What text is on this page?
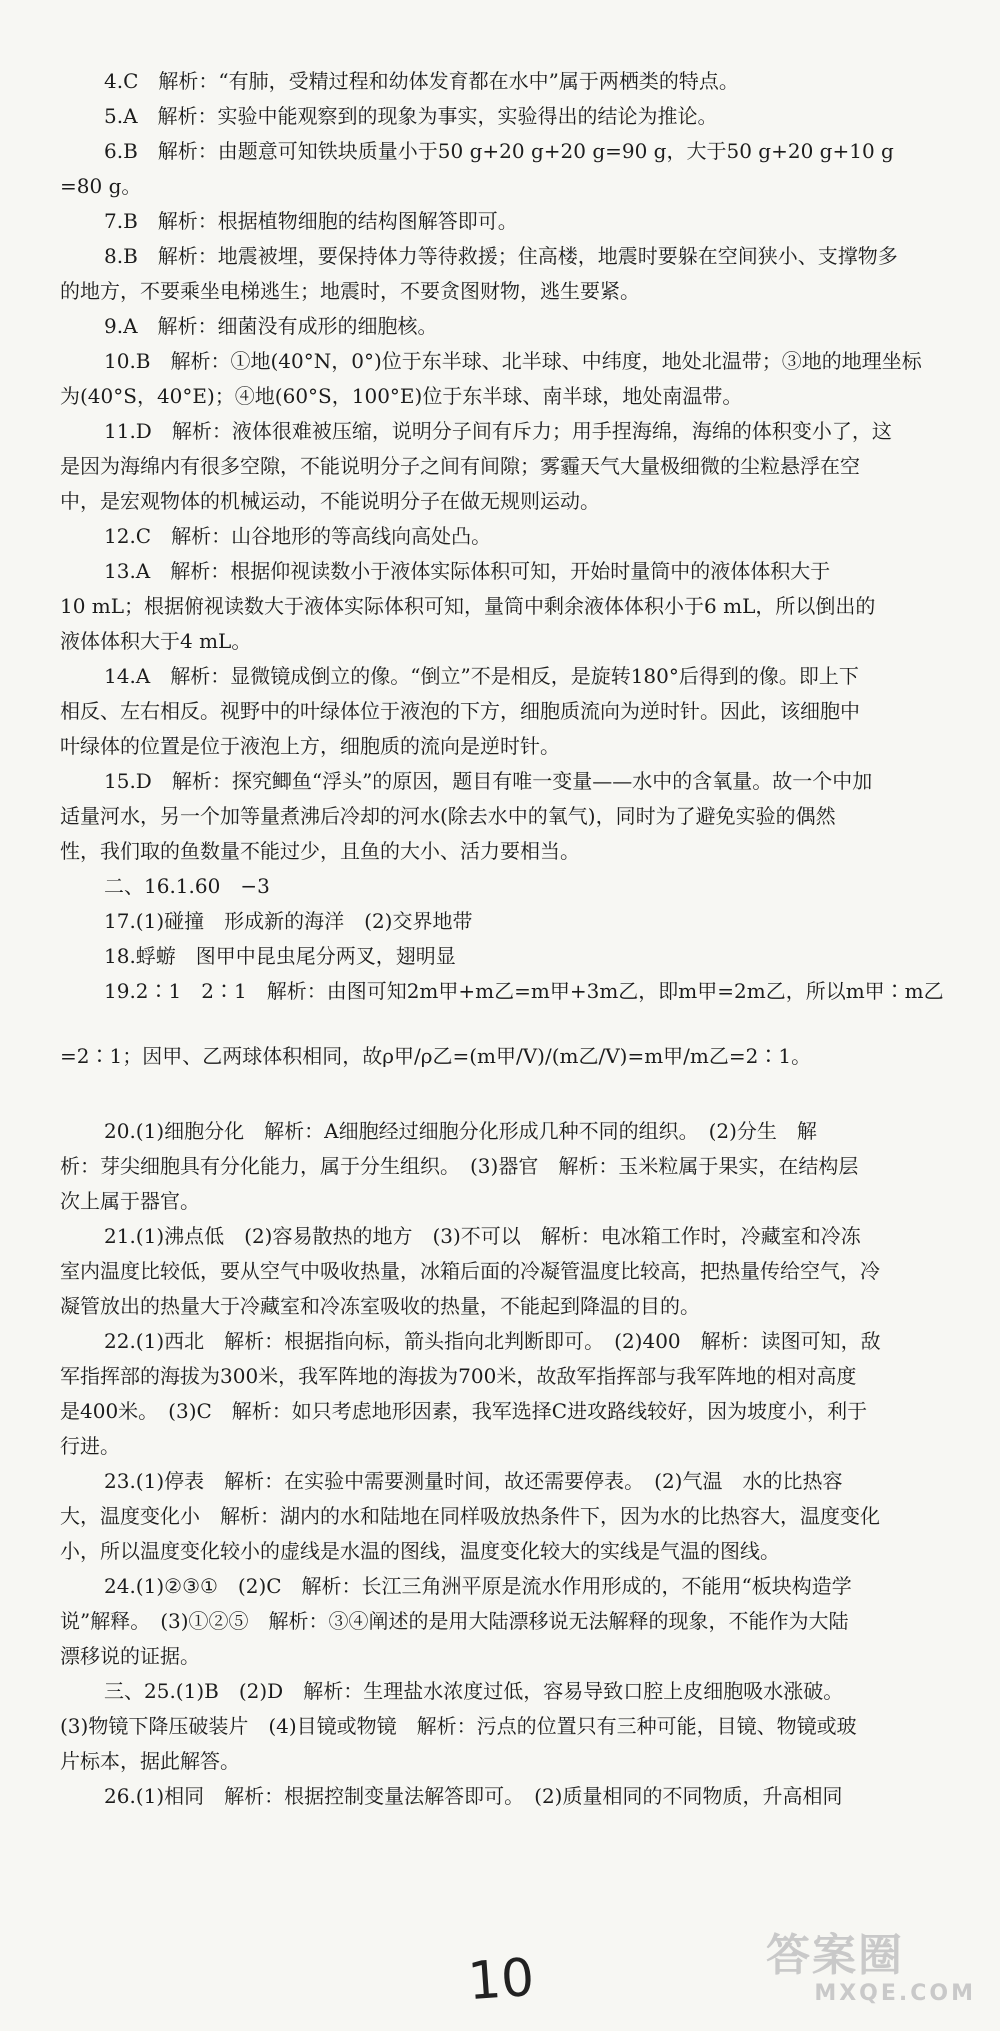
4.C　解析：“有肺，受精过程和幼体发育都在水中”属于两栖类的特点。
5.A　解析：实验中能观察到的现象为事实，实验得出的结论为推论。
6.B　解析：由题意可知铁块质量小于50 g+20 g+20 g=90 g，大于50 g+20 g+10 g
=80 g。
7.B　解析：根据植物细胞的结构图解答即可。
8.B　解析：地震被埋，要保持体力等待救援；住高楼，地震时要躲在空间狭小、支撑物多
的地方，不要乘坐电梯逃生；地震时，不要贪图财物，逃生要紧。
9.A　解析：细菌没有成形的细胞核。
10.B　解析：①地(40°N，0°)位于东半球、北半球、中纬度，地处北温带；③地的地理坐标
为(40°S，40°E)；④地(60°S，100°E)位于东半球、南半球，地处南温带。
11.D　解析：液体很难被压缩，说明分子间有斥力；用手捏海绵，海绵的体积变小了，这
是因为海绵内有很多空隙，不能说明分子之间有间隙；雾霾天气大量极细微的尘粒悬浮在空
中，是宏观物体的机械运动，不能说明分子在做无规则运动。
12.C　解析：山谷地形的等高线向高处凸。
13.A　解析：根据仰视读数小于液体实际体积可知，开始时量筒中的液体体积大于
10 mL；根据俯视读数大于液体实际体积可知，量筒中剩余液体体积小于6 mL，所以倒出的
液体体积大于4 mL。
14.A　解析：显微镜成倒立的像。“倒立”不是相反，是旋转180°后得到的像。即上下
相反、左右相反。视野中的叶绿体位于液泡的下方，细胞质流向为逆时针。因此，该细胞中
叶绿体的位置是位于液泡上方，细胞质的流向是逆时针。
15.D　解析：探究鲫鱼“浮头”的原因，题目有唯一变量——水中的含氧量。故一个中加
适量河水，另一个加等量煮沸后冷却的河水(除去水中的氧气)，同时为了避免实验的偶然
性，我们取的鱼数量不能过少，且鱼的大小、活力要相当。
二、16.1.60　−3
17.(1)碰撞　形成新的海洋　(2)交界地带
18.蜉蝣　图甲中昆虫尾分两叉，翅明显
19.2∶1　2∶1　解析：由图可知2m甲+m乙=m甲+3m乙，即m甲=2m乙，所以m甲∶m乙
=2∶1；因甲、乙两球体积相同，故ρ甲/ρ乙=(m甲/V)/(m乙/V)=m甲/m乙=2∶1。
20.(1)细胞分化　解析：A细胞经过细胞分化形成几种不同的组织。　(2)分生　解
析：芽尖细胞具有分化能力，属于分生组织。　(3)器官　解析：玉米粒属于果实，在结构层
次上属于器官。
21.(1)沸点低　(2)容易散热的地方　(3)不可以　解析：电冰箱工作时，冷藏室和冷冻
室内温度比较低，要从空气中吸收热量，冰箱后面的冷凝管温度比较高，把热量传给空气，冷
凝管放出的热量大于冷藏室和冷冻室吸收的热量，不能起到降温的目的。
22.(1)西北　解析：根据指向标，箭头指向北判断即可。　(2)400　解析：读图可知，敌
军指挥部的海拔为300米，我军阵地的海拔为700米，故敌军指挥部与我军阵地的相对高度
是400米。　(3)C　解析：如只考虑地形因素，我军选择C进攻路线较好，因为坡度小，利于
行进。
23.(1)停表　解析：在实验中需要测量时间，故还需要停表。　(2)气温　水的比热容
大，温度变化小　解析：湖内的水和陆地在同样吸放热条件下，因为水的比热容大，温度变化
小，所以温度变化较小的虚线是水温的图线，温度变化较大的实线是气温的图线。
24.(1)②③①　(2)C　解析：长江三角洲平原是流水作用形成的，不能用“板块构造学
说”解释。　(3)①②⑤　解析：③④阐述的是用大陆漂移说无法解释的现象，不能作为大陆
漂移说的证据。
三、25.(1)B　(2)D　解析：生理盐水浓度过低，容易导致口腔上皮细胞吸水涨破。
(3)物镜下降压破装片　(4)目镜或物镜　解析：污点的位置只有三种可能，目镜、物镜或玻
片标本，据此解答。
26.(1)相同　解析：根据控制变量法解答即可。　(2)质量相同的不同物质，升高相同
10	答案圈
MXQE.COM
